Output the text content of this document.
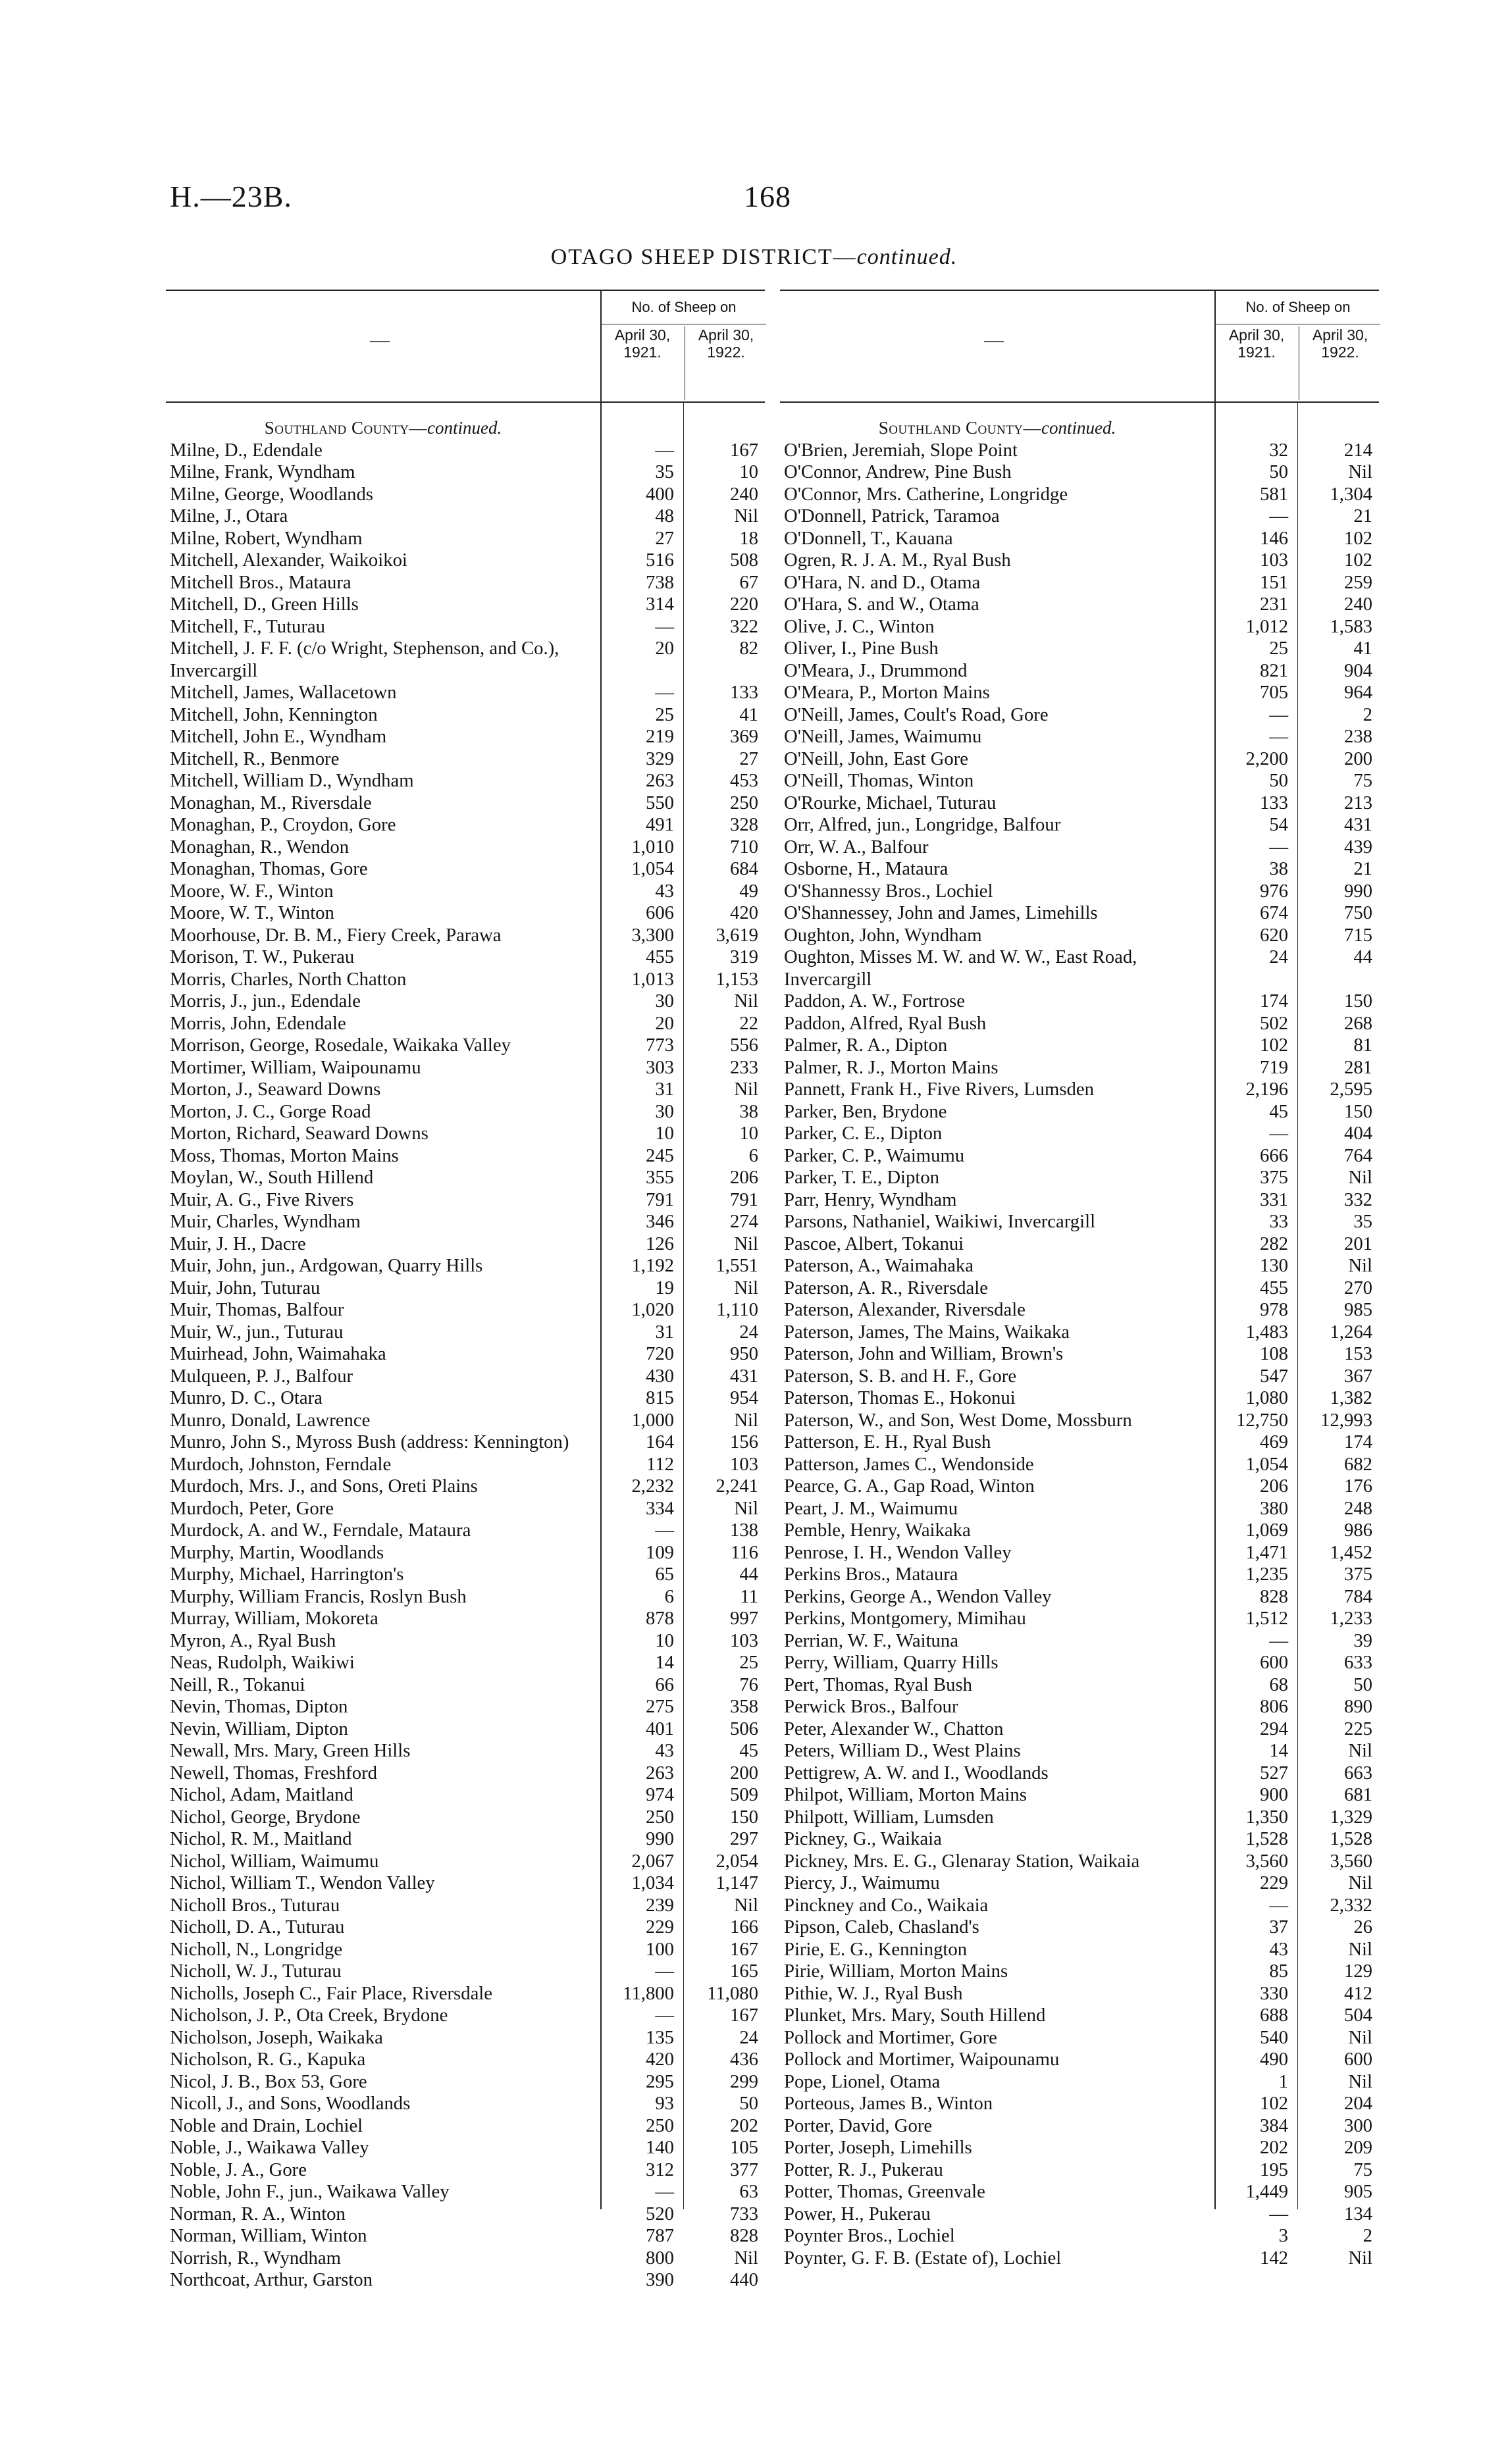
H.—23B.	168
OTAGO SHEEP DISTRICT—continued.
—
No. of Sheep on
April 30,
1921.
April 30,
1922.
Southland County—continued.
Milne, D., Edendale	—	167
Milne, Frank, Wyndham	35	10
Milne, George, Woodlands	400	240
Milne, J., Otara	48	Nil
Milne, Robert, Wyndham	27	18
Mitchell, Alexander, Waikoikoi	516	508
Mitchell Bros., Mataura	738	67
Mitchell, D., Green Hills	314	220
Mitchell, F., Tuturau	—	322
Mitchell, J. F. F. (c/o Wright, Stephenson, and Co.), Invercargill
20	82
Mitchell, James, Wallacetown	—	133
Mitchell, John, Kennington	25	41
Mitchell, John E., Wyndham	219	369
Mitchell, R., Benmore	329	27
Mitchell, William D., Wyndham	263	453
Monaghan, M., Riversdale	550	250
Monaghan, P., Croydon, Gore	491	328
Monaghan, R., Wendon	1,010	710
Monaghan, Thomas, Gore	1,054	684
Moore, W. F., Winton	43	49
Moore, W. T., Winton	606	420
Moorhouse, Dr. B. M., Fiery Creek, Parawa	3,300	3,619
Morison, T. W., Pukerau	455	319
Morris, Charles, North Chatton	1,013	1,153
Morris, J., jun., Edendale	30	Nil
Morris, John, Edendale	20	22
Morrison, George, Rosedale, Waikaka Valley	773	556
Mortimer, William, Waipounamu	303	233
Morton, J., Seaward Downs	31	Nil
Morton, J. C., Gorge Road	30	38
Morton, Richard, Seaward Downs	10	10
Moss, Thomas, Morton Mains	245	6
Moylan, W., South Hillend	355	206
Muir, A. G., Five Rivers	791	791
Muir, Charles, Wyndham	346	274
Muir, J. H., Dacre	126	Nil
Muir, John, jun., Ardgowan, Quarry Hills	1,192	1,551
Muir, John, Tuturau	19	Nil
Muir, Thomas, Balfour	1,020	1,110
Muir, W., jun., Tuturau	31	24
Muirhead, John, Waimahaka	720	950
Mulqueen, P. J., Balfour	430	431
Munro, D. C., Otara	815	954
Munro, Donald, Lawrence	1,000	Nil
Munro, John S., Myross Bush (address: Kennington)	164	156
Murdoch, Johnston, Ferndale	112	103
Murdoch, Mrs. J., and Sons, Oreti Plains	2,232	2,241
Murdoch, Peter, Gore	334	Nil
Murdock, A. and W., Ferndale, Mataura	—	138
Murphy, Martin, Woodlands	109	116
Murphy, Michael, Harrington's	65	44
Murphy, William Francis, Roslyn Bush	6	11
Murray, William, Mokoreta	878	997
Myron, A., Ryal Bush	10	103
Neas, Rudolph, Waikiwi	14	25
Neill, R., Tokanui	66	76
Nevin, Thomas, Dipton	275	358
Nevin, William, Dipton	401	506
Newall, Mrs. Mary, Green Hills	43	45
Newell, Thomas, Freshford	263	200
Nichol, Adam, Maitland	974	509
Nichol, George, Brydone	250	150
Nichol, R. M., Maitland	990	297
Nichol, William, Waimumu	2,067	2,054
Nichol, William T., Wendon Valley	1,034	1,147
Nicholl Bros., Tuturau	239	Nil
Nicholl, D. A., Tuturau	229	166
Nicholl, N., Longridge	100	167
Nicholl, W. J., Tuturau	—	165
Nicholls, Joseph C., Fair Place, Riversdale	11,800	11,080
Nicholson, J. P., Ota Creek, Brydone	—	167
Nicholson, Joseph, Waikaka	135	24
Nicholson, R. G., Kapuka	420	436
Nicol, J. B., Box 53, Gore	295	299
Nicoll, J., and Sons, Woodlands	93	50
Noble and Drain, Lochiel	250	202
Noble, J., Waikawa Valley	140	105
Noble, J. A., Gore	312	377
Noble, John F., jun., Waikawa Valley	—	63
Norman, R. A., Winton	520	733
Norman, William, Winton	787	828
Norrish, R., Wyndham	800	Nil
Northcoat, Arthur, Garston	390	440
—
No. of Sheep on
April 30,
1921.
April 30,
1922.
Southland County—continued.
O'Brien, Jeremiah, Slope Point	32	214
O'Connor, Andrew, Pine Bush	50	Nil
O'Connor, Mrs. Catherine, Longridge	581	1,304
O'Donnell, Patrick, Taramoa	—	21
O'Donnell, T., Kauana	146	102
Ogren, R. J. A. M., Ryal Bush	103	102
O'Hara, N. and D., Otama	151	259
O'Hara, S. and W., Otama	231	240
Olive, J. C., Winton	1,012	1,583
Oliver, I., Pine Bush	25	41
O'Meara, J., Drummond	821	904
O'Meara, P., Morton Mains	705	964
O'Neill, James, Coult's Road, Gore	—	2
O'Neill, James, Waimumu	—	238
O'Neill, John, East Gore	2,200	200
O'Neill, Thomas, Winton	50	75
O'Rourke, Michael, Tuturau	133	213
Orr, Alfred, jun., Longridge, Balfour	54	431
Orr, W. A., Balfour	—	439
Osborne, H., Mataura	38	21
O'Shannessy Bros., Lochiel	976	990
O'Shannessey, John and James, Limehills	674	750
Oughton, John, Wyndham	620	715
Oughton, Misses M. W. and W. W., East Road, Invercargill
24	44
Paddon, A. W., Fortrose	174	150
Paddon, Alfred, Ryal Bush	502	268
Palmer, R. A., Dipton	102	81
Palmer, R. J., Morton Mains	719	281
Pannett, Frank H., Five Rivers, Lumsden	2,196	2,595
Parker, Ben, Brydone	45	150
Parker, C. E., Dipton	—	404
Parker, C. P., Waimumu	666	764
Parker, T. E., Dipton	375	Nil
Parr, Henry, Wyndham	331	332
Parsons, Nathaniel, Waikiwi, Invercargill	33	35
Pascoe, Albert, Tokanui	282	201
Paterson, A., Waimahaka	130	Nil
Paterson, A. R., Riversdale	455	270
Paterson, Alexander, Riversdale	978	985
Paterson, James, The Mains, Waikaka	1,483	1,264
Paterson, John and William, Brown's	108	153
Paterson, S. B. and H. F., Gore	547	367
Paterson, Thomas E., Hokonui	1,080	1,382
Paterson, W., and Son, West Dome, Mossburn	12,750	12,993
Patterson, E. H., Ryal Bush	469	174
Patterson, James C., Wendonside	1,054	682
Pearce, G. A., Gap Road, Winton	206	176
Peart, J. M., Waimumu	380	248
Pemble, Henry, Waikaka	1,069	986
Penrose, I. H., Wendon Valley	1,471	1,452
Perkins Bros., Mataura	1,235	375
Perkins, George A., Wendon Valley	828	784
Perkins, Montgomery, Mimihau	1,512	1,233
Perrian, W. F., Waituna	—	39
Perry, William, Quarry Hills	600	633
Pert, Thomas, Ryal Bush	68	50
Perwick Bros., Balfour	806	890
Peter, Alexander W., Chatton	294	225
Peters, William D., West Plains	14	Nil
Pettigrew, A. W. and I., Woodlands	527	663
Philpot, William, Morton Mains	900	681
Philpott, William, Lumsden	1,350	1,329
Pickney, G., Waikaia	1,528	1,528
Pickney, Mrs. E. G., Glenaray Station, Waikaia	3,560	3,560
Piercy, J., Waimumu	229	Nil
Pinckney and Co., Waikaia	—	2,332
Pipson, Caleb, Chasland's	37	26
Pirie, E. G., Kennington	43	Nil
Pirie, William, Morton Mains	85	129
Pithie, W. J., Ryal Bush	330	412
Plunket, Mrs. Mary, South Hillend	688	504
Pollock and Mortimer, Gore	540	Nil
Pollock and Mortimer, Waipounamu	490	600
Pope, Lionel, Otama	1	Nil
Porteous, James B., Winton	102	204
Porter, David, Gore	384	300
Porter, Joseph, Limehills	202	209
Potter, R. J., Pukerau	195	75
Potter, Thomas, Greenvale	1,449	905
Power, H., Pukerau	—	134
Poynter Bros., Lochiel	3	2
Poynter, G. F. B. (Estate of), Lochiel	142	Nil
